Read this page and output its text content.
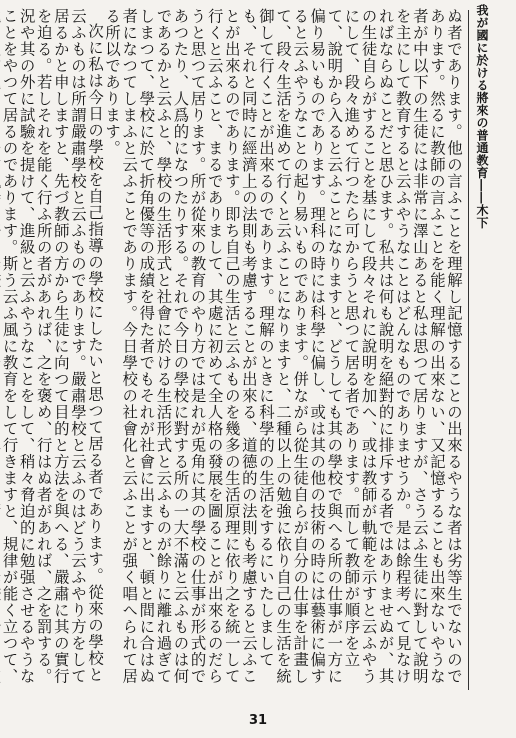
我が國に於ける將來の普通教育――木下

ぬ者であります。他の言ふことを理解し記憶することの出來るやうな者は劣等生でないのであります。然るに教師の言ふことを能く理解の出來ない、又記憶することも出來ないやうな者が中以下の生徒には非常に澤山あると私は思つて居りますが、さう云ふ生徒に對して說明を主にして教育すると云ふやうなことはどんなものでありませうか。是は餘程考へて見なければならぬことだと思ひます。私共は何も說明を絕對的に排斥する者ではありませぬが、其の生徒自らがすることを基にして段々それに說明を加へ、或は教師が軌範を示すと云ふやうにして、段々進めて行つたら可からうと思つて居る者であります。而して教師が順序を立て、說明から入ると云ふことになりますと、どうしても其の學校で與へる所の仕事が一方に偏り易いものであります。理科の時には科學に偏し、或は其の他の技術の時には藝術に偏すると云ふやうなことの起り易いものであります。併ながら從生徒自らが自分の仕事を計畫して、段々生活を進めて行くと云ふことになりますと、二種以上の勉強に依り自己の生活を統御して行くことが出來るのであります。理解のときに科學的の生活をするにいたしましても、それと同時に經濟上の法則も考慮することが出來る、道德的の法則も考慮すると云ふことが出來るのであります。即ち自己の生活と云ふものを幾多の生活原理に依り之を統一して行くと云ふこと、まるでありまして、其處に初めて全人格の發展を圖ることが出來るのだらうと思つて居ります。所が從來の教育のやり方では是れが兎角に其の學校の仕事が形式的であつたり、人爲的になつたりする。それで今日の學校に對する所の一大不滿と云ふものは何であるかと云ふと、學校の生活形式と社會に於ける生活形式と云ふものが餘りに離れ過ぎてしまつて、學校に於て折角優等の成績を得た者でもそれが社會に出ますと、頓と間に合はぬ者になつてしまふと云ふことであります。今日學校の社會化と云ふことが强く唱へられて居る所以であります。

次に私は今日の學校を自己指導の學校にしたいと思つて居る者であります。從來の學校と云ふものは所謂嚴肅學校と云ふものであります。嚴肅學校と云ふのはどう云ふやり方をして居るかと申しますと、先づ教師の方から生徒に向つて目的と方法を與へる、嚴肅に其の實行を迫る。若しそれを能く行ふ所の者があれば、之を褒め、行はぬ者があれば、之を罰する。況や其の外に試驗を提けて、進級と云ふやうなことをして、稍々脅迫的に勉强させるやうなことをやつて居るのであります。斯う云ふ風に教育をして行きますと、規律が能く立つて、

31
